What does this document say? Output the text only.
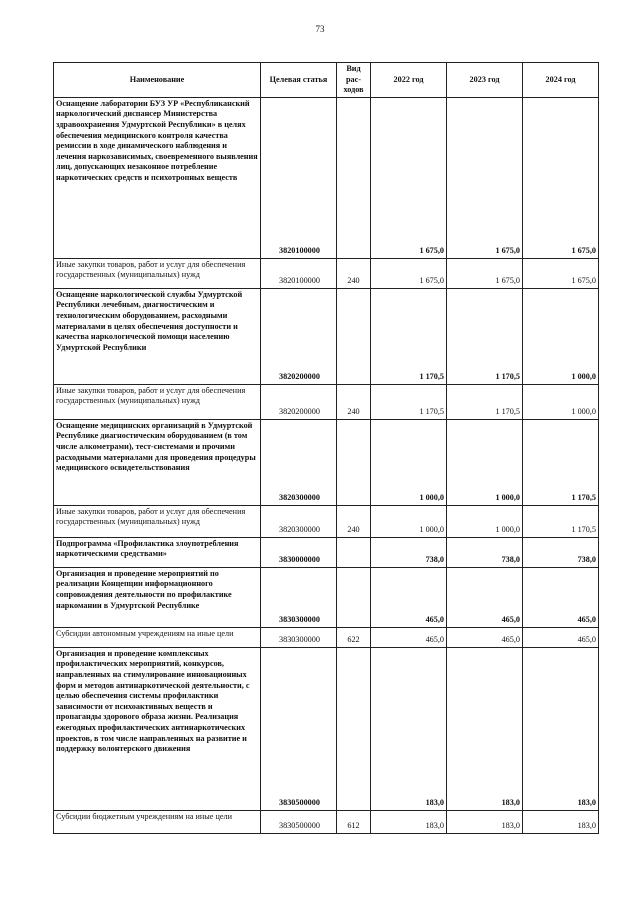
73
Наименование	Целевая статья	Вид рас-ходов	2022 год	2023 год	2024 год
Оснащение лаборатории БУЗ УР «Республиканский наркологический диспансер Министерства здравоохранения Удмуртской Республики» в целях обеспечения медицинского контроля качества ремиссии в ходе динамического наблюдения и лечения наркозависимых, своевременного выявления лиц, допускающих незаконное потребление наркотических средств и психотропных веществ	3820100000		1 675,0	1 675,0	1 675,0
Иные закупки товаров, работ и услуг для обеспечения государственных (муниципальных) нужд	3820100000	240	1 675,0	1 675,0	1 675,0
Оснащение наркологической службы Удмуртской Республики лечебным, диагностическим и технологическим оборудованием, расходными материалами в целях обеспечения доступности и качества наркологической помощи населению Удмуртской Республики	3820200000		1 170,5	1 170,5	1 000,0
Иные закупки товаров, работ и услуг для обеспечения государственных (муниципальных) нужд	3820200000	240	1 170,5	1 170,5	1 000,0
Оснащение медицинских организаций в Удмуртской Республике диагностическим оборудованием (в том числе алкометрами), тест-системами и прочими расходными материалами для проведения процедуры медицинского освидетельствования	3820300000		1 000,0	1 000,0	1 170,5
Иные закупки товаров, работ и услуг для обеспечения государственных (муниципальных) нужд	3820300000	240	1 000,0	1 000,0	1 170,5
Подпрограмма «Профилактика злоупотребления наркотическими средствами»	3830000000		738,0	738,0	738,0
Организация и проведение мероприятий по реализации Концепции информационного сопровождения деятельности по профилактике наркомании в Удмуртской Республике	3830300000		465,0	465,0	465,0
Субсидии автономным учреждениям на иные цели	3830300000	622	465,0	465,0	465,0
Организация и проведение комплексных профилактических мероприятий, конкурсов, направленных на стимулирование инновационных форм и методов антинаркотической деятельности, с целью обеспечения системы профилактики зависимости от психоактивных веществ и пропаганды здорового образа жизни. Реализация ежегодных профилактических антинаркотических проектов, в том числе направленных на развитие и поддержку волонтерского движения	3830500000		183,0	183,0	183,0
Субсидии бюджетным учреждениям на иные цели	3830500000	612	183,0	183,0	183,0
